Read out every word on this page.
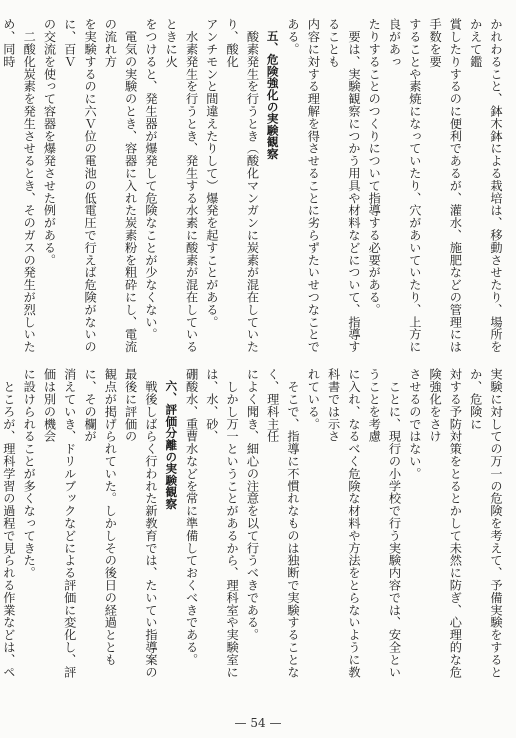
かれわること、鉢木鉢による栽培は、移動させたり、場所をかえて鑑
賞したりするのに便利であるが、灌水、施肥などの管理には手数を要
することや素焼になっていたり、穴があいていたり、上方に良があっ
たりすることのつくりについて指導する必要がある。
　要は、実験観察につかう用具や材料などについて、指導することも
内容に対する理解を得させることに劣らずたいせつなことである。
　五、危険強化の実験観察
　酸素発生を行うとき（酸化マンガンに炭素が混在していたり、酸化
アンチモンと間違えたりして）爆発を起すことがある。
　水素発生を行うとき、発生する水素に酸素が混在しているときに火
をつけると、発生器が爆発して危険なことが少なくない。
　電気の実験のとき、容器に入れた炭素粉を粗砕にし、電流の流れ方
を実験するのに六Ｖ位の電池の低電圧で行えば危険がないのに、百Ｖ
の交流を使って容器を爆発させた例がある。
　二酸化炭素を発生させるとき、そのガスの発生が烈しいため、同時
実験に対しての万一の危険を考えて、予備実験をするとか、危険に
対する予防対策をとるとかして未然に防ぎ、心理的な危険強化をさけ
させるのではない。
　ことに、現行の小学校で行う実験内容では、安全ということを考慮
に入れ、なるべく危険な材料や方法をとらないように教科書では示さ
れている。
　そこで、指導に不慣れなものは独断で実験することなく、理科主任
によく聞き、細心の注意を以て行うべきである。
　しかし万一ということがあるから、理科室や実験室には、水、砂、
硼酸水、重曹水などを常に準備しておくべきである。
　六、評価分離の実験観察
　戦後しばらく行われた新教育では、たいてい指導案の最後に評価の
観点が掲げられていた。しかしその後日の経過とともに、その欄が
消えていき、ドリルブックなどによる評価に変化し、評価は別の機会
に設けられることが多くなってきた。
　ところが、理科学習の過程で見られる作業などは、ペ
— 54 —
